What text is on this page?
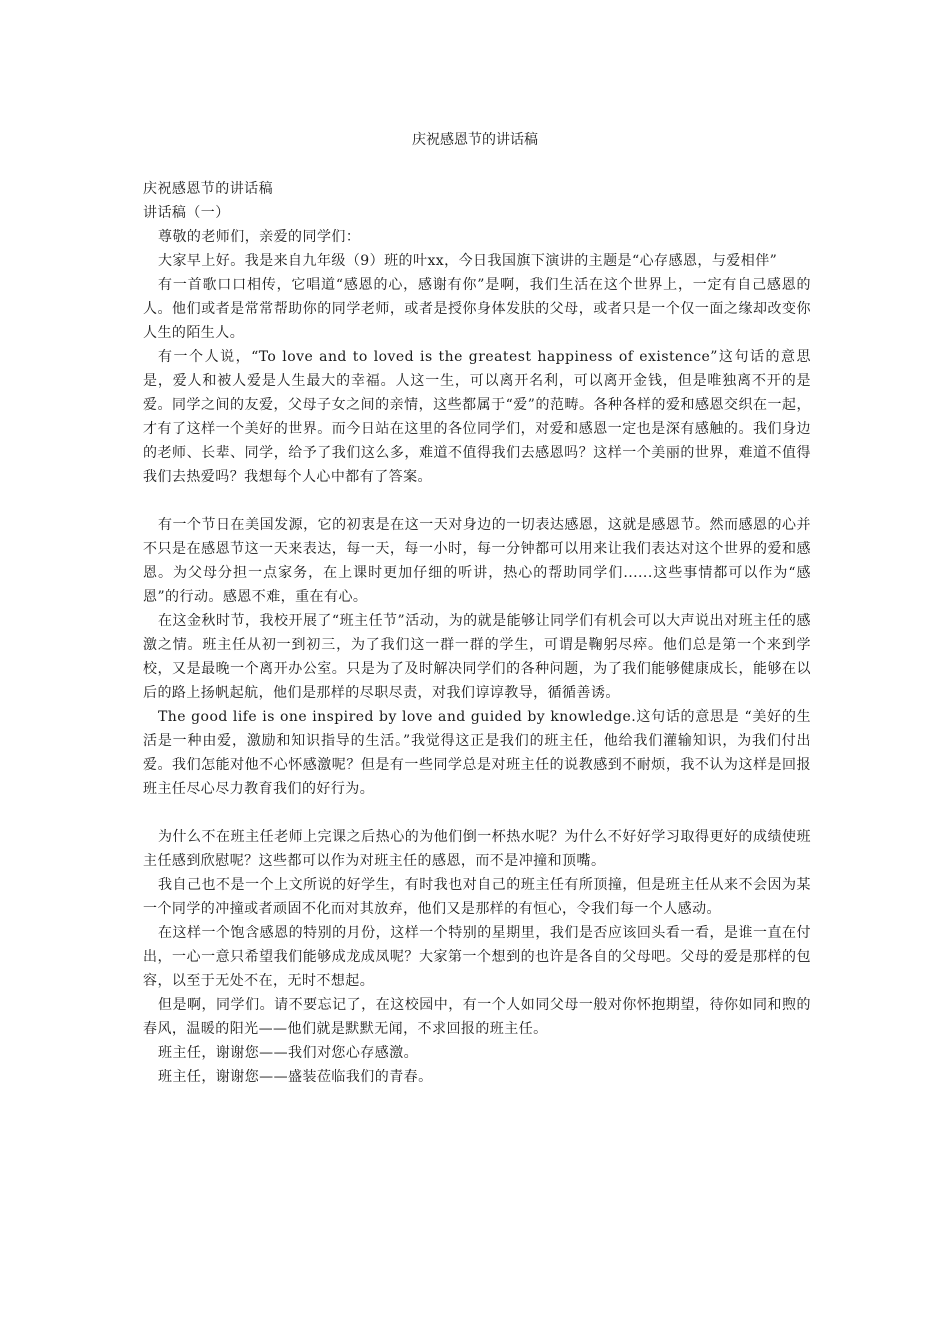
庆祝感恩节的讲话稿

庆祝感恩节的讲话稿

讲话稿（一）

尊敬的老师们，亲爱的同学们：

大家早上好。我是来自九年级（9）班的叶xx，今日我国旗下演讲的主题是“心存感恩，与爱相伴”

有一首歌口口相传，它唱道“感恩的心，感谢有你”是啊，我们生活在这个世界上，一定有自己感恩的人。他们或者是常常帮助你的同学老师，或者是授你身体发肤的父母，或者只是一个仅一面之缘却改变你人生的陌生人。

有一个人说，“To love and to loved is the greatest happiness of existence”这句话的意思是，爱人和被人爱是人生最大的幸福。人这一生，可以离开名利，可以离开金钱，但是唯独离不开的是爱。同学之间的友爱，父母子女之间的亲情，这些都属于“爱”的范畴。各种各样的爱和感恩交织在一起，才有了这样一个美好的世界。而今日站在这里的各位同学们，对爱和感恩一定也是深有感触的。我们身边的老师、长辈、同学，给予了我们这么多，难道不值得我们去感恩吗？这样一个美丽的世界，难道不值得我们去热爱吗？我想每个人心中都有了答案。

有一个节日在美国发源，它的初衷是在这一天对身边的一切表达感恩，这就是感恩节。然而感恩的心并不只是在感恩节这一天来表达，每一天，每一小时，每一分钟都可以用来让我们表达对这个世界的爱和感恩。为父母分担一点家务，在上课时更加仔细的听讲，热心的帮助同学们......这些事情都可以作为“感恩”的行动。感恩不难，重在有心。

在这金秋时节，我校开展了“班主任节”活动，为的就是能够让同学们有机会可以大声说出对班主任的感激之情。班主任从初一到初三，为了我们这一群一群的学生，可谓是鞠躬尽瘁。他们总是第一个来到学校，又是最晚一个离开办公室。只是为了及时解决同学们的各种问题，为了我们能够健康成长，能够在以后的路上扬帆起航，他们是那样的尽职尽责，对我们谆谆教导，循循善诱。

The good life is one inspired by love and guided by knowledge.这句话的意思是 “美好的生活是一种由爱，激励和知识指导的生活。”我觉得这正是我们的班主任，他给我们灌输知识，为我们付出爱。我们怎能对他不心怀感激呢？但是有一些同学总是对班主任的说教感到不耐烦，我不认为这样是回报班主任尽心尽力教育我们的好行为。

为什么不在班主任老师上完课之后热心的为他们倒一杯热水呢？为什么不好好学习取得更好的成绩使班主任感到欣慰呢？这些都可以作为对班主任的感恩，而不是冲撞和顶嘴。

我自己也不是一个上文所说的好学生，有时我也对自己的班主任有所顶撞，但是班主任从来不会因为某一个同学的冲撞或者顽固不化而对其放弃，他们又是那样的有恒心，令我们每一个人感动。

在这样一个饱含感恩的特别的月份，这样一个特别的星期里，我们是否应该回头看一看，是谁一直在付出，一心一意只希望我们能够成龙成凤呢？大家第一个想到的也许是各自的父母吧。父母的爱是那样的包容，以至于无处不在，无时不想起。

但是啊，同学们。请不要忘记了，在这校园中，有一个人如同父母一般对你怀抱期望，待你如同和煦的春风，温暖的阳光——他们就是默默无闻，不求回报的班主任。

班主任，谢谢您——我们对您心存感激。

班主任，谢谢您——盛装莅临我们的青春。
